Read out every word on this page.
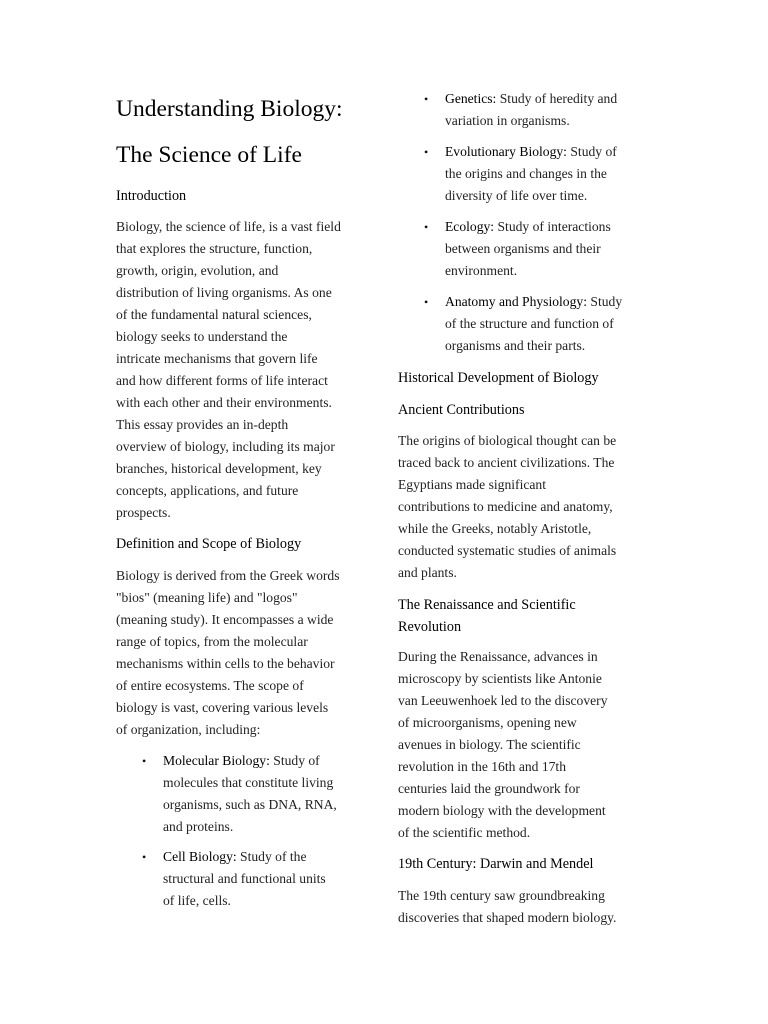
Understanding Biology:
The Science of Life
Introduction

Biology, the science of life, is a vast field

that explores the structure, function,

growth, origin, evolution, and

distribution of living organisms. As one

of the fundamental natural sciences,

biology seeks to understand the

intricate mechanisms that govern life

and how different forms of life interact

with each other and their environments.

This essay provides an in-depth

overview of biology, including its major

branches, historical development, key

concepts, applications, and future

prospects.

Definition and Scope of Biology

Biology is derived from the Greek words

"bios" (meaning life) and "logos"

(meaning study). It encompasses a wide

range of topics, from the molecular

mechanisms within cells to the behavior

of entire ecosystems. The scope of

biology is vast, covering various levels

of organization, including:

• Molecular Biology: Study of
molecules that constitute living
organisms, such as DNA, RNA,
and proteins.
• Cell Biology: Study of the
structural and functional units
of life, cells.
• Genetics: Study of heredity and
variation in organisms.
• Evolutionary Biology: Study of
the origins and changes in the
diversity of life over time.
• Ecology: Study of interactions
between organisms and their
environment.
• Anatomy and Physiology: Study
of the structure and function of
organisms and their parts.
Historical Development of Biology
Ancient Contributions

The origins of biological thought can be

traced back to ancient civilizations. The

Egyptians made significant

contributions to medicine and anatomy,

while the Greeks, notably Aristotle,

conducted systematic studies of animals

and plants.

The Renaissance and Scientific
Revolution

During the Renaissance, advances in

microscopy by scientists like Antonie

van Leeuwenhoek led to the discovery

of microorganisms, opening new

avenues in biology. The scientific

revolution in the 16th and 17th

centuries laid the groundwork for

modern biology with the development

of the scientific method.

19th Century: Darwin and Mendel

The 19th century saw groundbreaking

discoveries that shaped modern biology.
